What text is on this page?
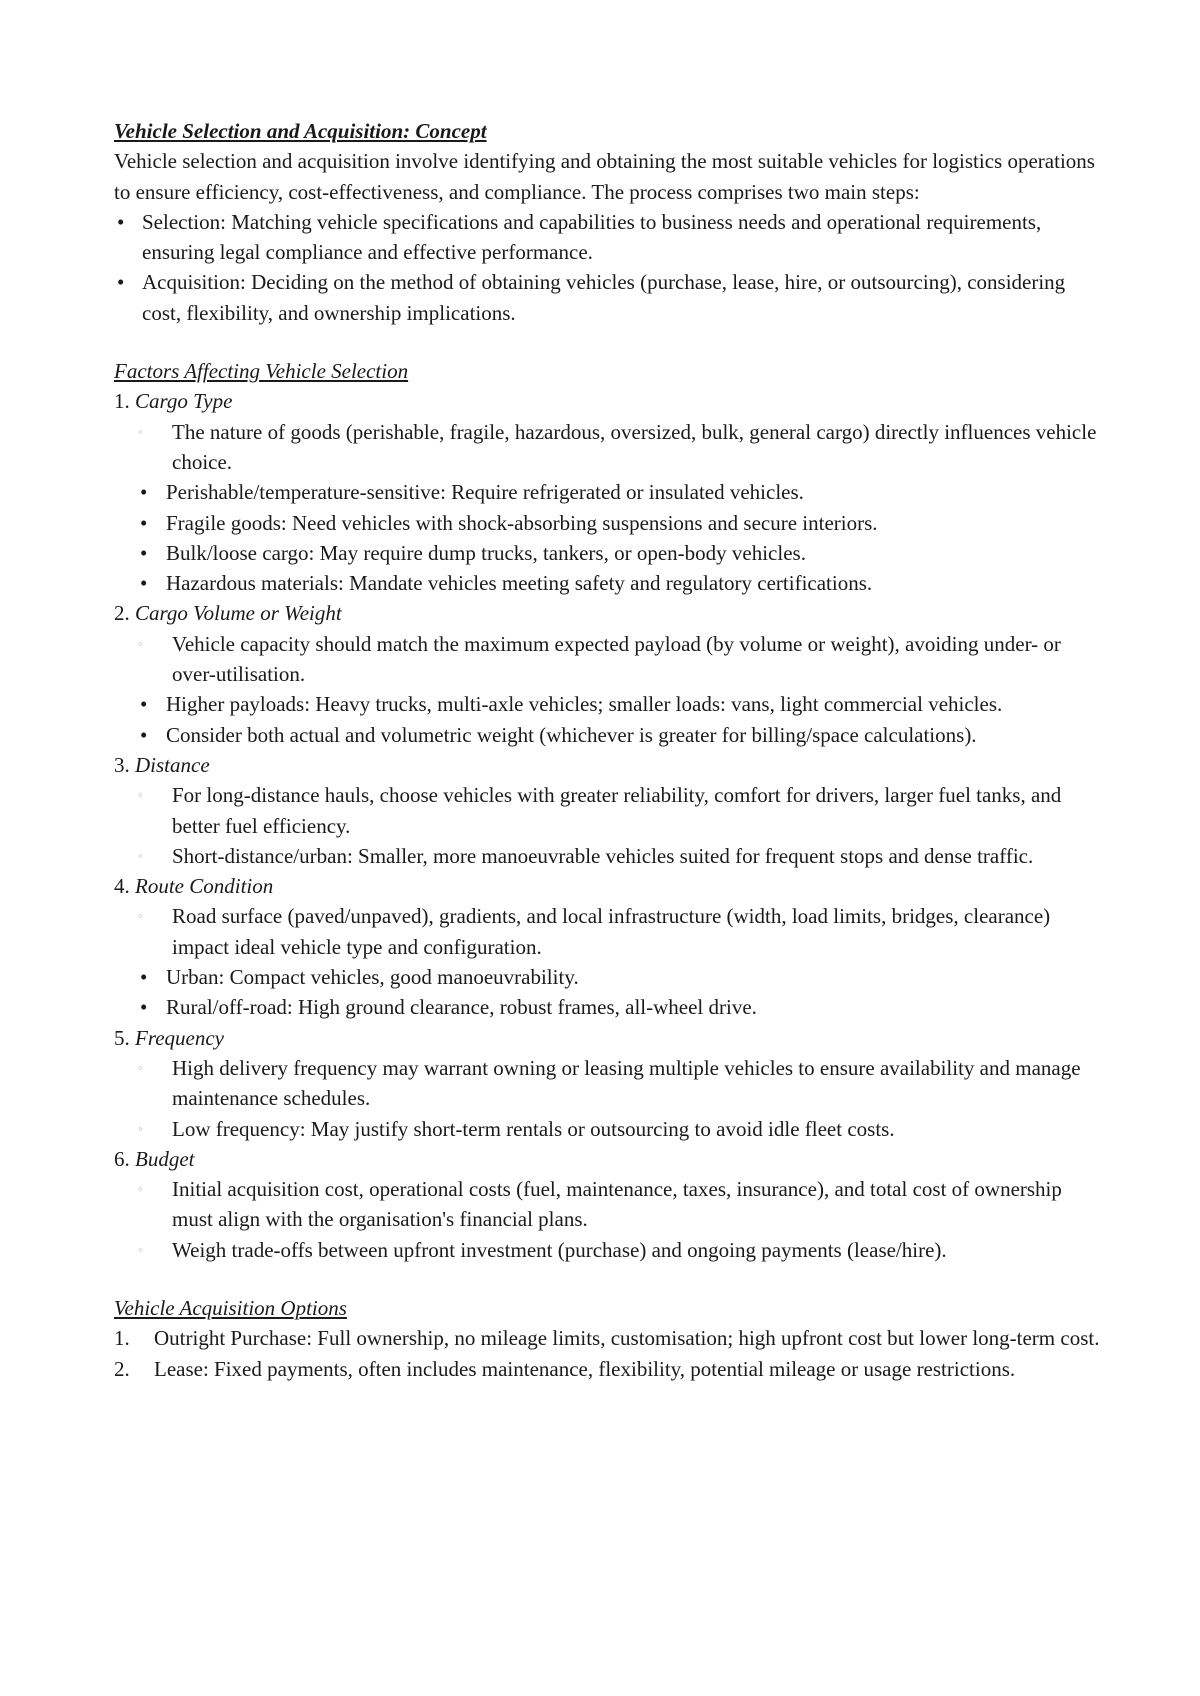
Vehicle Selection and Acquisition: Concept

Vehicle selection and acquisition involve identifying and obtaining the most suitable vehicles for logistics operations to ensure efficiency, cost-effectiveness, and compliance. The process comprises two main steps:

• Selection: Matching vehicle specifications and capabilities to business needs and operational requirements, ensuring legal compliance and effective performance.
• Acquisition: Deciding on the method of obtaining vehicles (purchase, lease, hire, or outsourcing), considering cost, flexibility, and ownership implications.

Factors Affecting Vehicle Selection

1. Cargo Type

◦ The nature of goods (perishable, fragile, hazardous, oversized, bulk, general cargo) directly influences vehicle choice.
• Perishable/temperature-sensitive: Require refrigerated or insulated vehicles.
• Fragile goods: Need vehicles with shock-absorbing suspensions and secure interiors.
• Bulk/loose cargo: May require dump trucks, tankers, or open-body vehicles.
• Hazardous materials: Mandate vehicles meeting safety and regulatory certifications.

2. Cargo Volume or Weight

◦ Vehicle capacity should match the maximum expected payload (by volume or weight), avoiding under- or over-utilisation.
• Higher payloads: Heavy trucks, multi-axle vehicles; smaller loads: vans, light commercial vehicles.
• Consider both actual and volumetric weight (whichever is greater for billing/space calculations).

3. Distance

◦ For long-distance hauls, choose vehicles with greater reliability, comfort for drivers, larger fuel tanks, and better fuel efficiency.
◦ Short-distance/urban: Smaller, more manoeuvrable vehicles suited for frequent stops and dense traffic.

4. Route Condition

◦ Road surface (paved/unpaved), gradients, and local infrastructure (width, load limits, bridges, clearance) impact ideal vehicle type and configuration.
• Urban: Compact vehicles, good manoeuvrability.
• Rural/off-road: High ground clearance, robust frames, all-wheel drive.

5. Frequency

◦ High delivery frequency may warrant owning or leasing multiple vehicles to ensure availability and manage maintenance schedules.
◦ Low frequency: May justify short-term rentals or outsourcing to avoid idle fleet costs.

6. Budget

◦ Initial acquisition cost, operational costs (fuel, maintenance, taxes, insurance), and total cost of ownership must align with the organisation's financial plans.
◦ Weigh trade-offs between upfront investment (purchase) and ongoing payments (lease/hire).

Vehicle Acquisition Options

1. Outright Purchase: Full ownership, no mileage limits, customisation; high upfront cost but lower long-term cost.
2. Lease: Fixed payments, often includes maintenance, flexibility, potential mileage or usage restrictions.
